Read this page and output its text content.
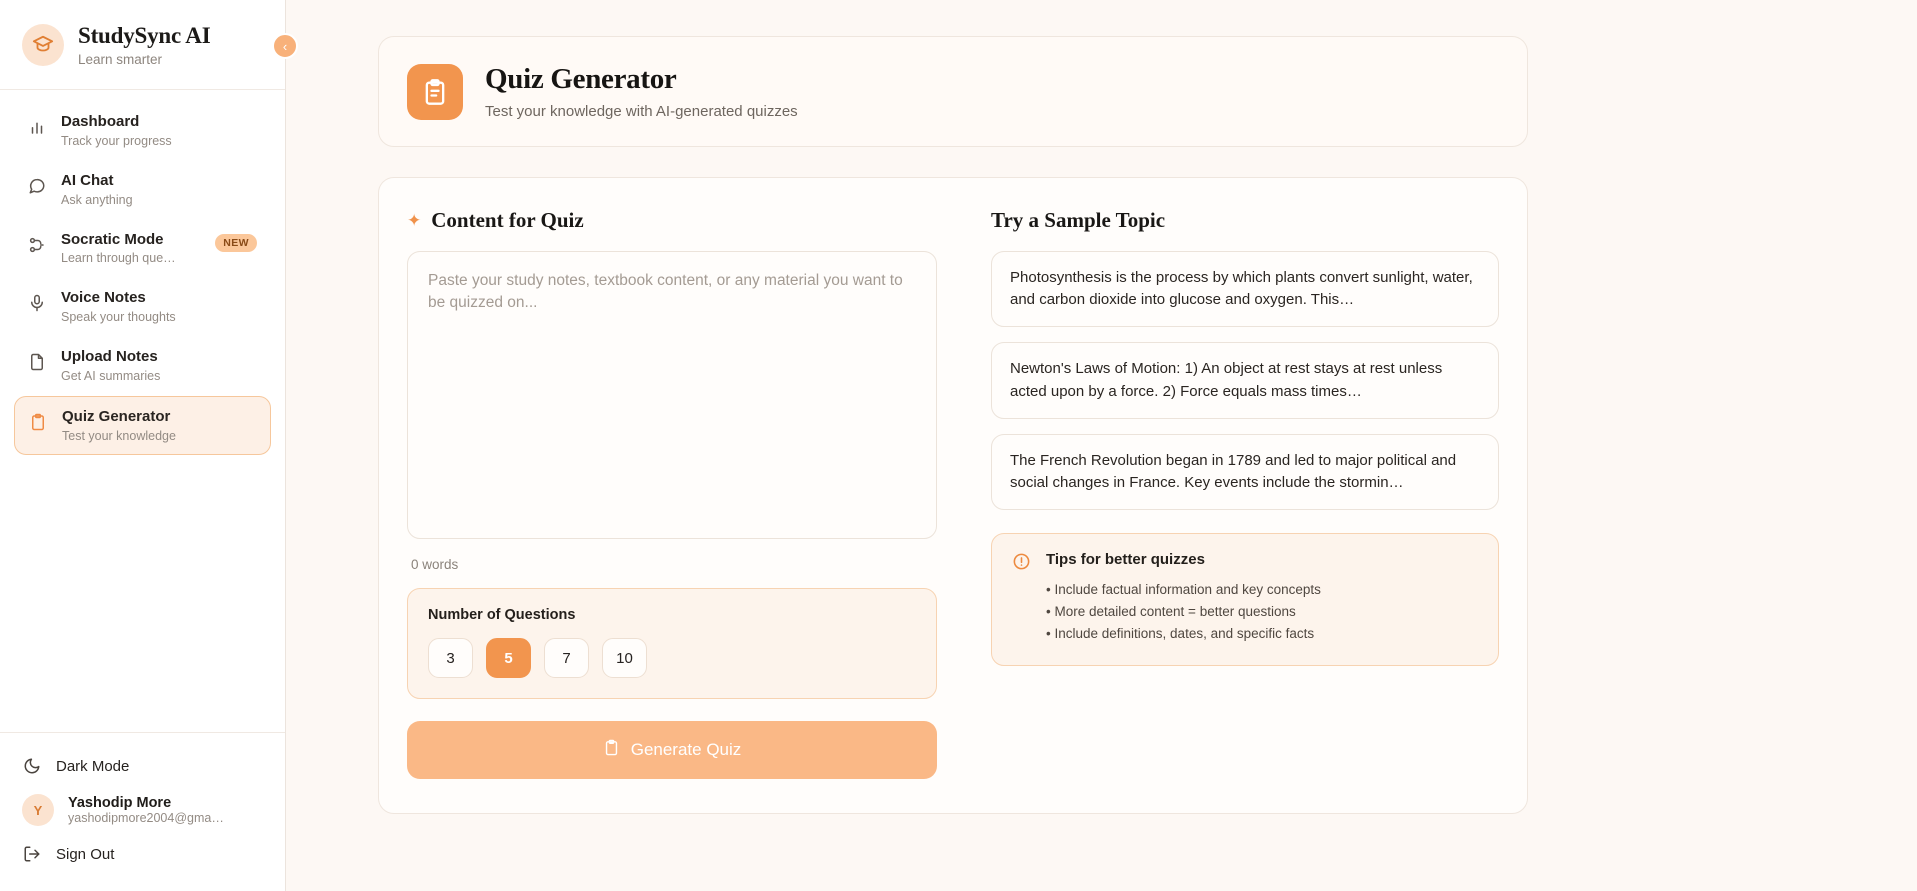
StudySync AI
Learn smarter
‹
Dashboard
Track your progress
AI Chat
Ask anything
Socratic Mode
Learn through que…
NEW
Voice Notes
Speak your thoughts
Upload Notes
Get AI summaries
Quiz Generator
Test your knowledge
Dark Mode
Y	Yashodip More
yashodipmore2004@gma…
Sign Out
Quiz Generator
Test your knowledge with AI-generated quizzes
✦ Content for Quiz
Paste your study notes, textbook content, or any material you want to be quizzed on...
0 words
Number of Questions
3	5	7	10
Generate Quiz
Try a Sample Topic
Photosynthesis is the process by which plants convert sunlight, water, and carbon dioxide into glucose and oxygen. This…
Newton's Laws of Motion: 1) An object at rest stays at rest unless acted upon by a force. 2) Force equals mass times…
The French Revolution began in 1789 and led to major political and social changes in France. Key events include the stormin…
Tips for better quizzes
• Include factual information and key concepts
• More detailed content = better questions
• Include definitions, dates, and specific facts
